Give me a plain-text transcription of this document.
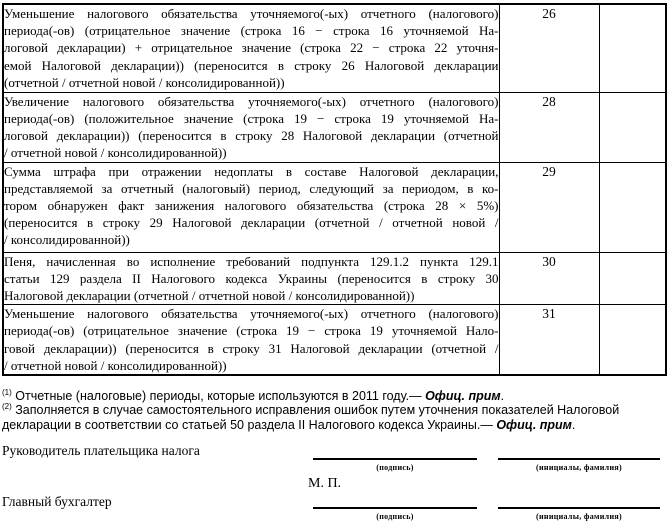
Уменьшение налогового обязательства уточняемого(-ых) отчетного (налогового)
периода(-ов) (отрицательное значение (строка 16 − строка 16 уточняемой На-
логовой декларации) + отрицательное значение (строка 22 − строка 22 уточня-
емой Налоговой декларации)) (переносится в строку 26 Налоговой декларации
(отчетной / отчетной новой / консолидированной))	26	

Увеличение налогового обязательства уточняемого(-ых) отчетного (налогового)
периода(-ов) (положительное значение (строка 19 − строка 19 уточняемой На-
логовой декларации)) (переносится в строку 28 Налоговой декларации (отчетной
/ отчетной новой / консолидированной))	28	

Сумма штрафа при отражении недоплаты в составе Налоговой декларации,
представляемой за отчетный (налоговый) период, следующий за периодом, в ко-
тором обнаружен факт занижения налогового обязательства (строка 28 × 5%)
(переносится в строку 29 Налоговой декларации (отчетной / отчетной новой /
/ консолидированной))	29	

Пеня, начисленная во исполнение требований подпункта 129.1.2 пункта 129.1
статьи 129 раздела II Налогового кодекса Украины (переносится в строку 30
Налоговой декларации (отчетной / отчетной новой / консолидированной))	30	

Уменьшение налогового обязательства уточняемого(-ых) отчетного (налогового)
периода(-ов) (отрицательное значение (строка 19 − строка 19 уточняемой Нало-
говой декларации)) (переносится в строку 31 Налоговой декларации (отчетной /
/ отчетной новой / консолидированной))	31	
$^{(1)}$ Отчетные (налоговые) периоды, которые используются в 2011 году.— Офиц. прим.
$^{(2)}$ Заполняется в случае самостоятельного исправления ошибок путем уточнения показателей Налоговой декларации в соответствии со статьей 50 раздела II Налогового кодекса Украины.— Офиц. прим.
Руководитель плательщика налога
Главный бухгалтер
М. П.
(подпись)	(инициалы, фамилия)
(подпись)	(инициалы, фамилия)
